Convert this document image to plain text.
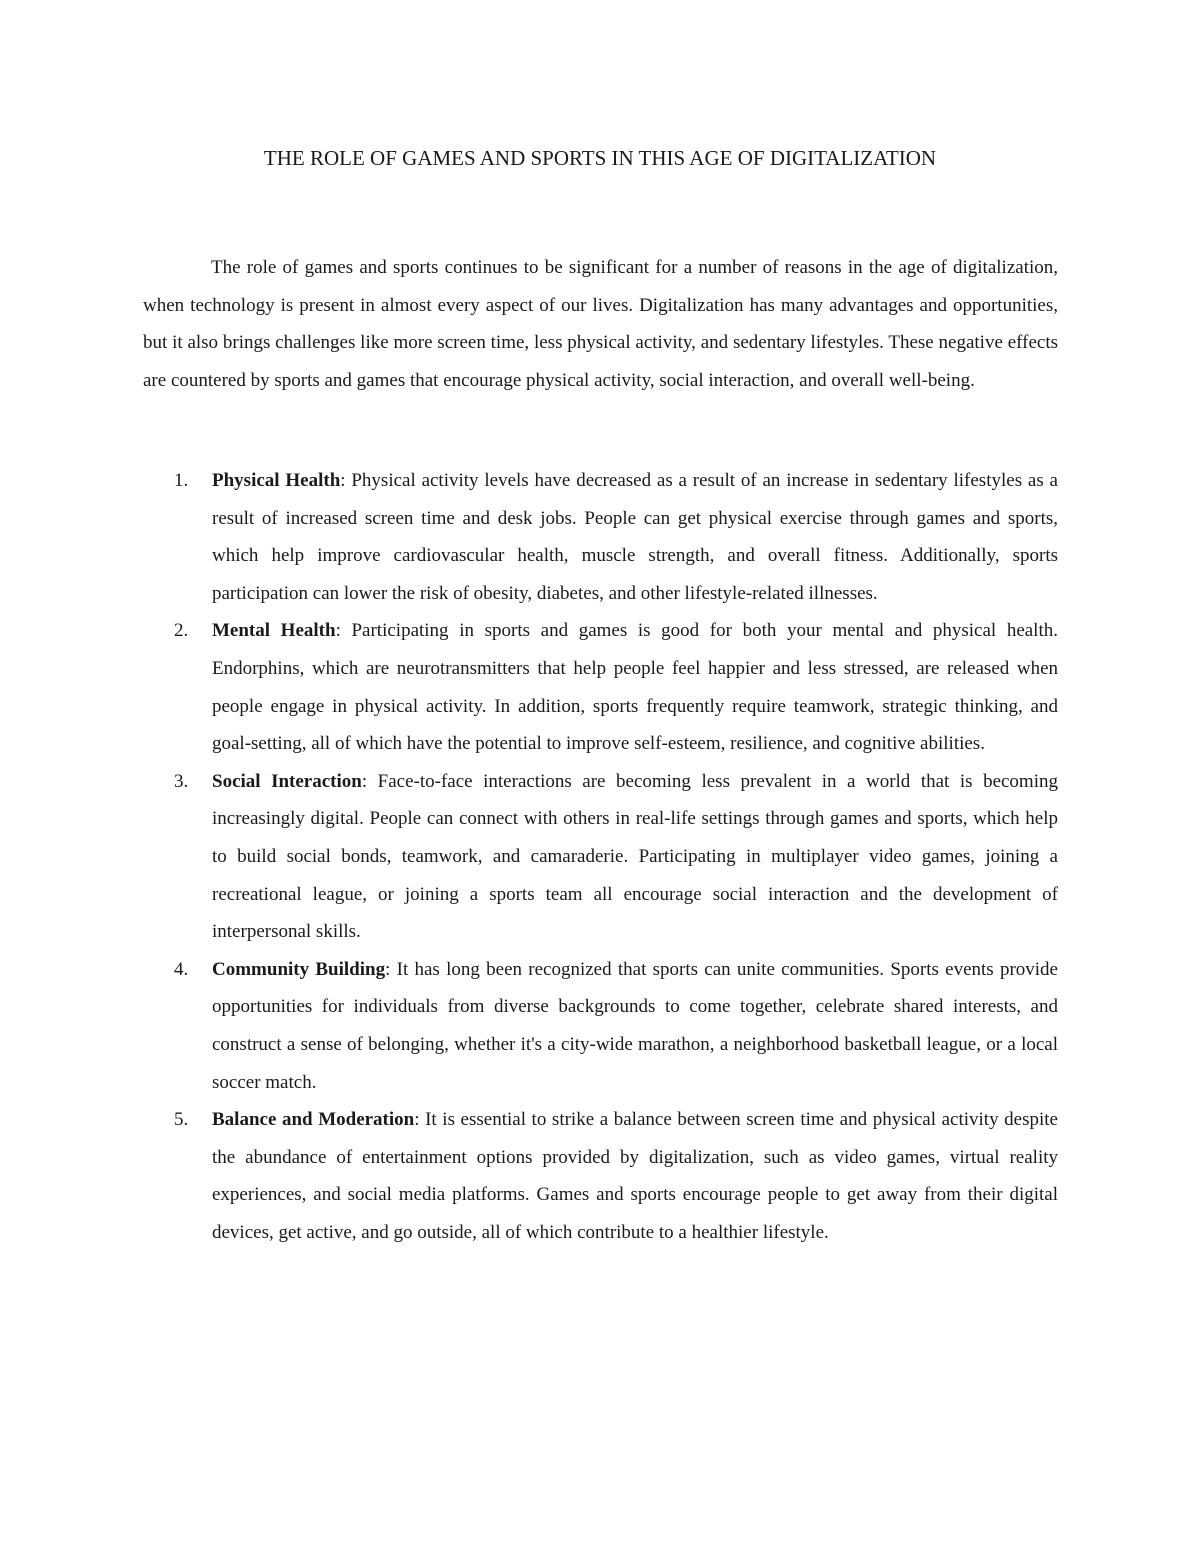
THE ROLE OF GAMES AND SPORTS IN THIS AGE OF DIGITALIZATION

The role of games and sports continues to be significant for a number of reasons in the age of digitalization, when technology is present in almost every aspect of our lives. Digitalization has many advantages and opportunities, but it also brings challenges like more screen time, less physical activity, and sedentary lifestyles. These negative effects are countered by sports and games that encourage physical activity, social interaction, and overall well-being.

1.	Physical Health: Physical activity levels have decreased as a result of an increase in sedentary lifestyles as a result of increased screen time and desk jobs. People can get physical exercise through games and sports, which help improve cardiovascular health, muscle strength, and overall fitness. Additionally, sports participation can lower the risk of obesity, diabetes, and other lifestyle-related illnesses.
2.	Mental Health: Participating in sports and games is good for both your mental and physical health. Endorphins, which are neurotransmitters that help people feel happier and less stressed, are released when people engage in physical activity. In addition, sports frequently require teamwork, strategic thinking, and goal-setting, all of which have the potential to improve self-esteem, resilience, and cognitive abilities.
3.	Social Interaction: Face-to-face interactions are becoming less prevalent in a world that is becoming increasingly digital. People can connect with others in real-life settings through games and sports, which help to build social bonds, teamwork, and camaraderie. Participating in multiplayer video games, joining a recreational league, or joining a sports team all encourage social interaction and the development of interpersonal skills.
4.	Community Building: It has long been recognized that sports can unite communities. Sports events provide opportunities for individuals from diverse backgrounds to come together, celebrate shared interests, and construct a sense of belonging, whether it's a city-wide marathon, a neighborhood basketball league, or a local soccer match.
5.	Balance and Moderation: It is essential to strike a balance between screen time and physical activity despite the abundance of entertainment options provided by digitalization, such as video games, virtual reality experiences, and social media platforms. Games and sports encourage people to get away from their digital devices, get active, and go outside, all of which contribute to a healthier lifestyle.
